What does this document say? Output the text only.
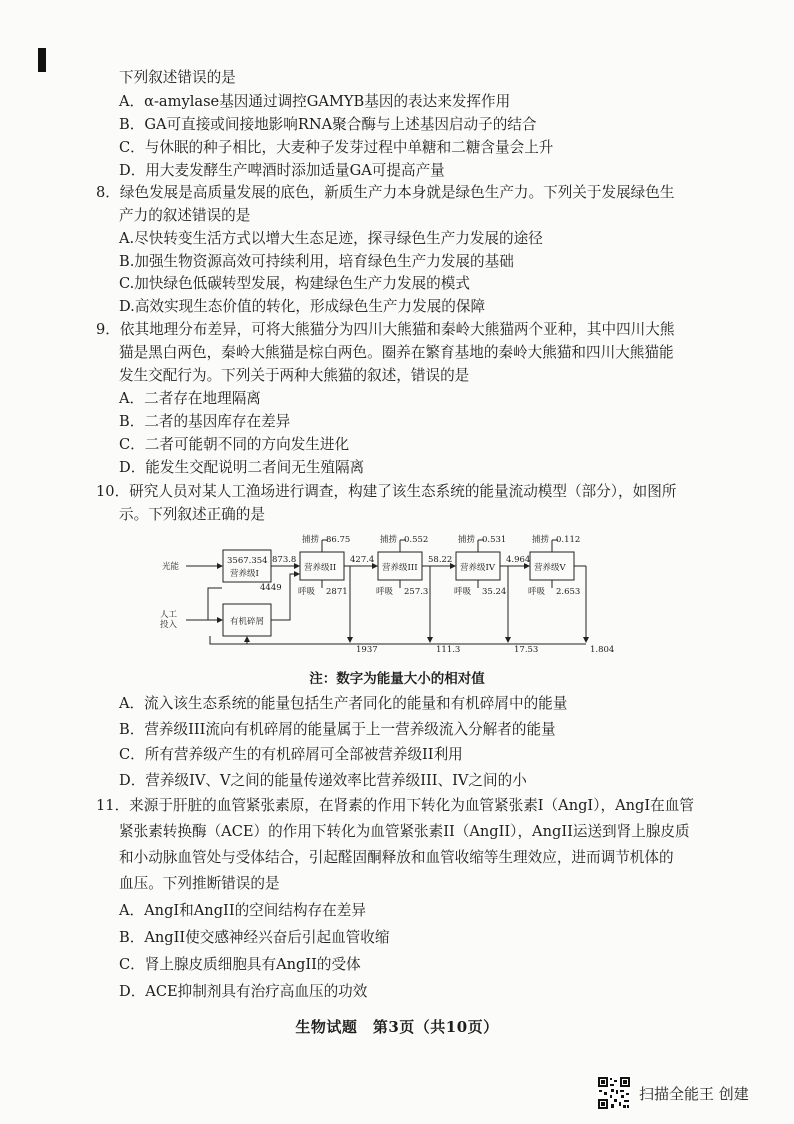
下列叙述错误的是
A．α-amylase基因通过调控GAMYB基因的表达来发挥作用
B．GA可直接或间接地影响RNA聚合酶与上述基因启动子的结合
C．与休眠的种子相比，大麦种子发芽过程中单糖和二糖含量会上升
D．用大麦发酵生产啤酒时添加适量GA可提高产量
8．绿色发展是高质量发展的底色，新质生产力本身就是绿色生产力。下列关于发展绿色生
产力的叙述错误的是
A.尽快转变生活方式以增大生态足迹，探寻绿色生产力发展的途径
B.加强生物资源高效可持续利用，培育绿色生产力发展的基础
C.加快绿色低碳转型发展，构建绿色生产力发展的模式
D.高效实现生态价值的转化，形成绿色生产力发展的保障
9．依其地理分布差异，可将大熊猫分为四川大熊猫和秦岭大熊猫两个亚种，其中四川大熊
猫是黑白两色，秦岭大熊猫是棕白两色。圈养在繁育基地的秦岭大熊猫和四川大熊猫能
发生交配行为。下列关于两种大熊猫的叙述，错误的是
A．二者存在地理隔离
B．二者的基因库存在差异
C．二者可能朝不同的方向发生进化
D．能发生交配说明二者间无生殖隔离
10．研究人员对某人工渔场进行调查，构建了该生态系统的能量流动模型（部分），如图所
示。下列叙述正确的是
光能
人工
投入
3567.354
营养级I
营养级II	营养级III	营养级IV	营养级V
有机碎屑
873.8	427.4	58.22	4.964
4449
捕捞	捕捞	捕捞	捕捞
86.75	0.552	0.531	0.112
呼吸	呼吸	呼吸	呼吸
2871	257.3	35.24	2.653
1937	111.3	17.53	1.804
注：数字为能量大小的相对值
A．流入该生态系统的能量包括生产者同化的能量和有机碎屑中的能量
B．营养级III流向有机碎屑的能量属于上一营养级流入分解者的能量
C．所有营养级产生的有机碎屑可全部被营养级II利用
D．营养级IV、V之间的能量传递效率比营养级III、IV之间的小
11．来源于肝脏的血管紧张素原，在肾素的作用下转化为血管紧张素I（AngI），AngI在血管
紧张素转换酶（ACE）的作用下转化为血管紧张素II（AngII），AngII运送到肾上腺皮质
和小动脉血管处与受体结合，引起醛固酮释放和血管收缩等生理效应，进而调节机体的
血压。下列推断错误的是
A．AngI和AngII的空间结构存在差异
B．AngII使交感神经兴奋后引起血管收缩
C．肾上腺皮质细胞具有AngII的受体
D．ACE抑制剂具有治疗高血压的功效
生物试题　第3页（共10页）
扫描全能王 创建
